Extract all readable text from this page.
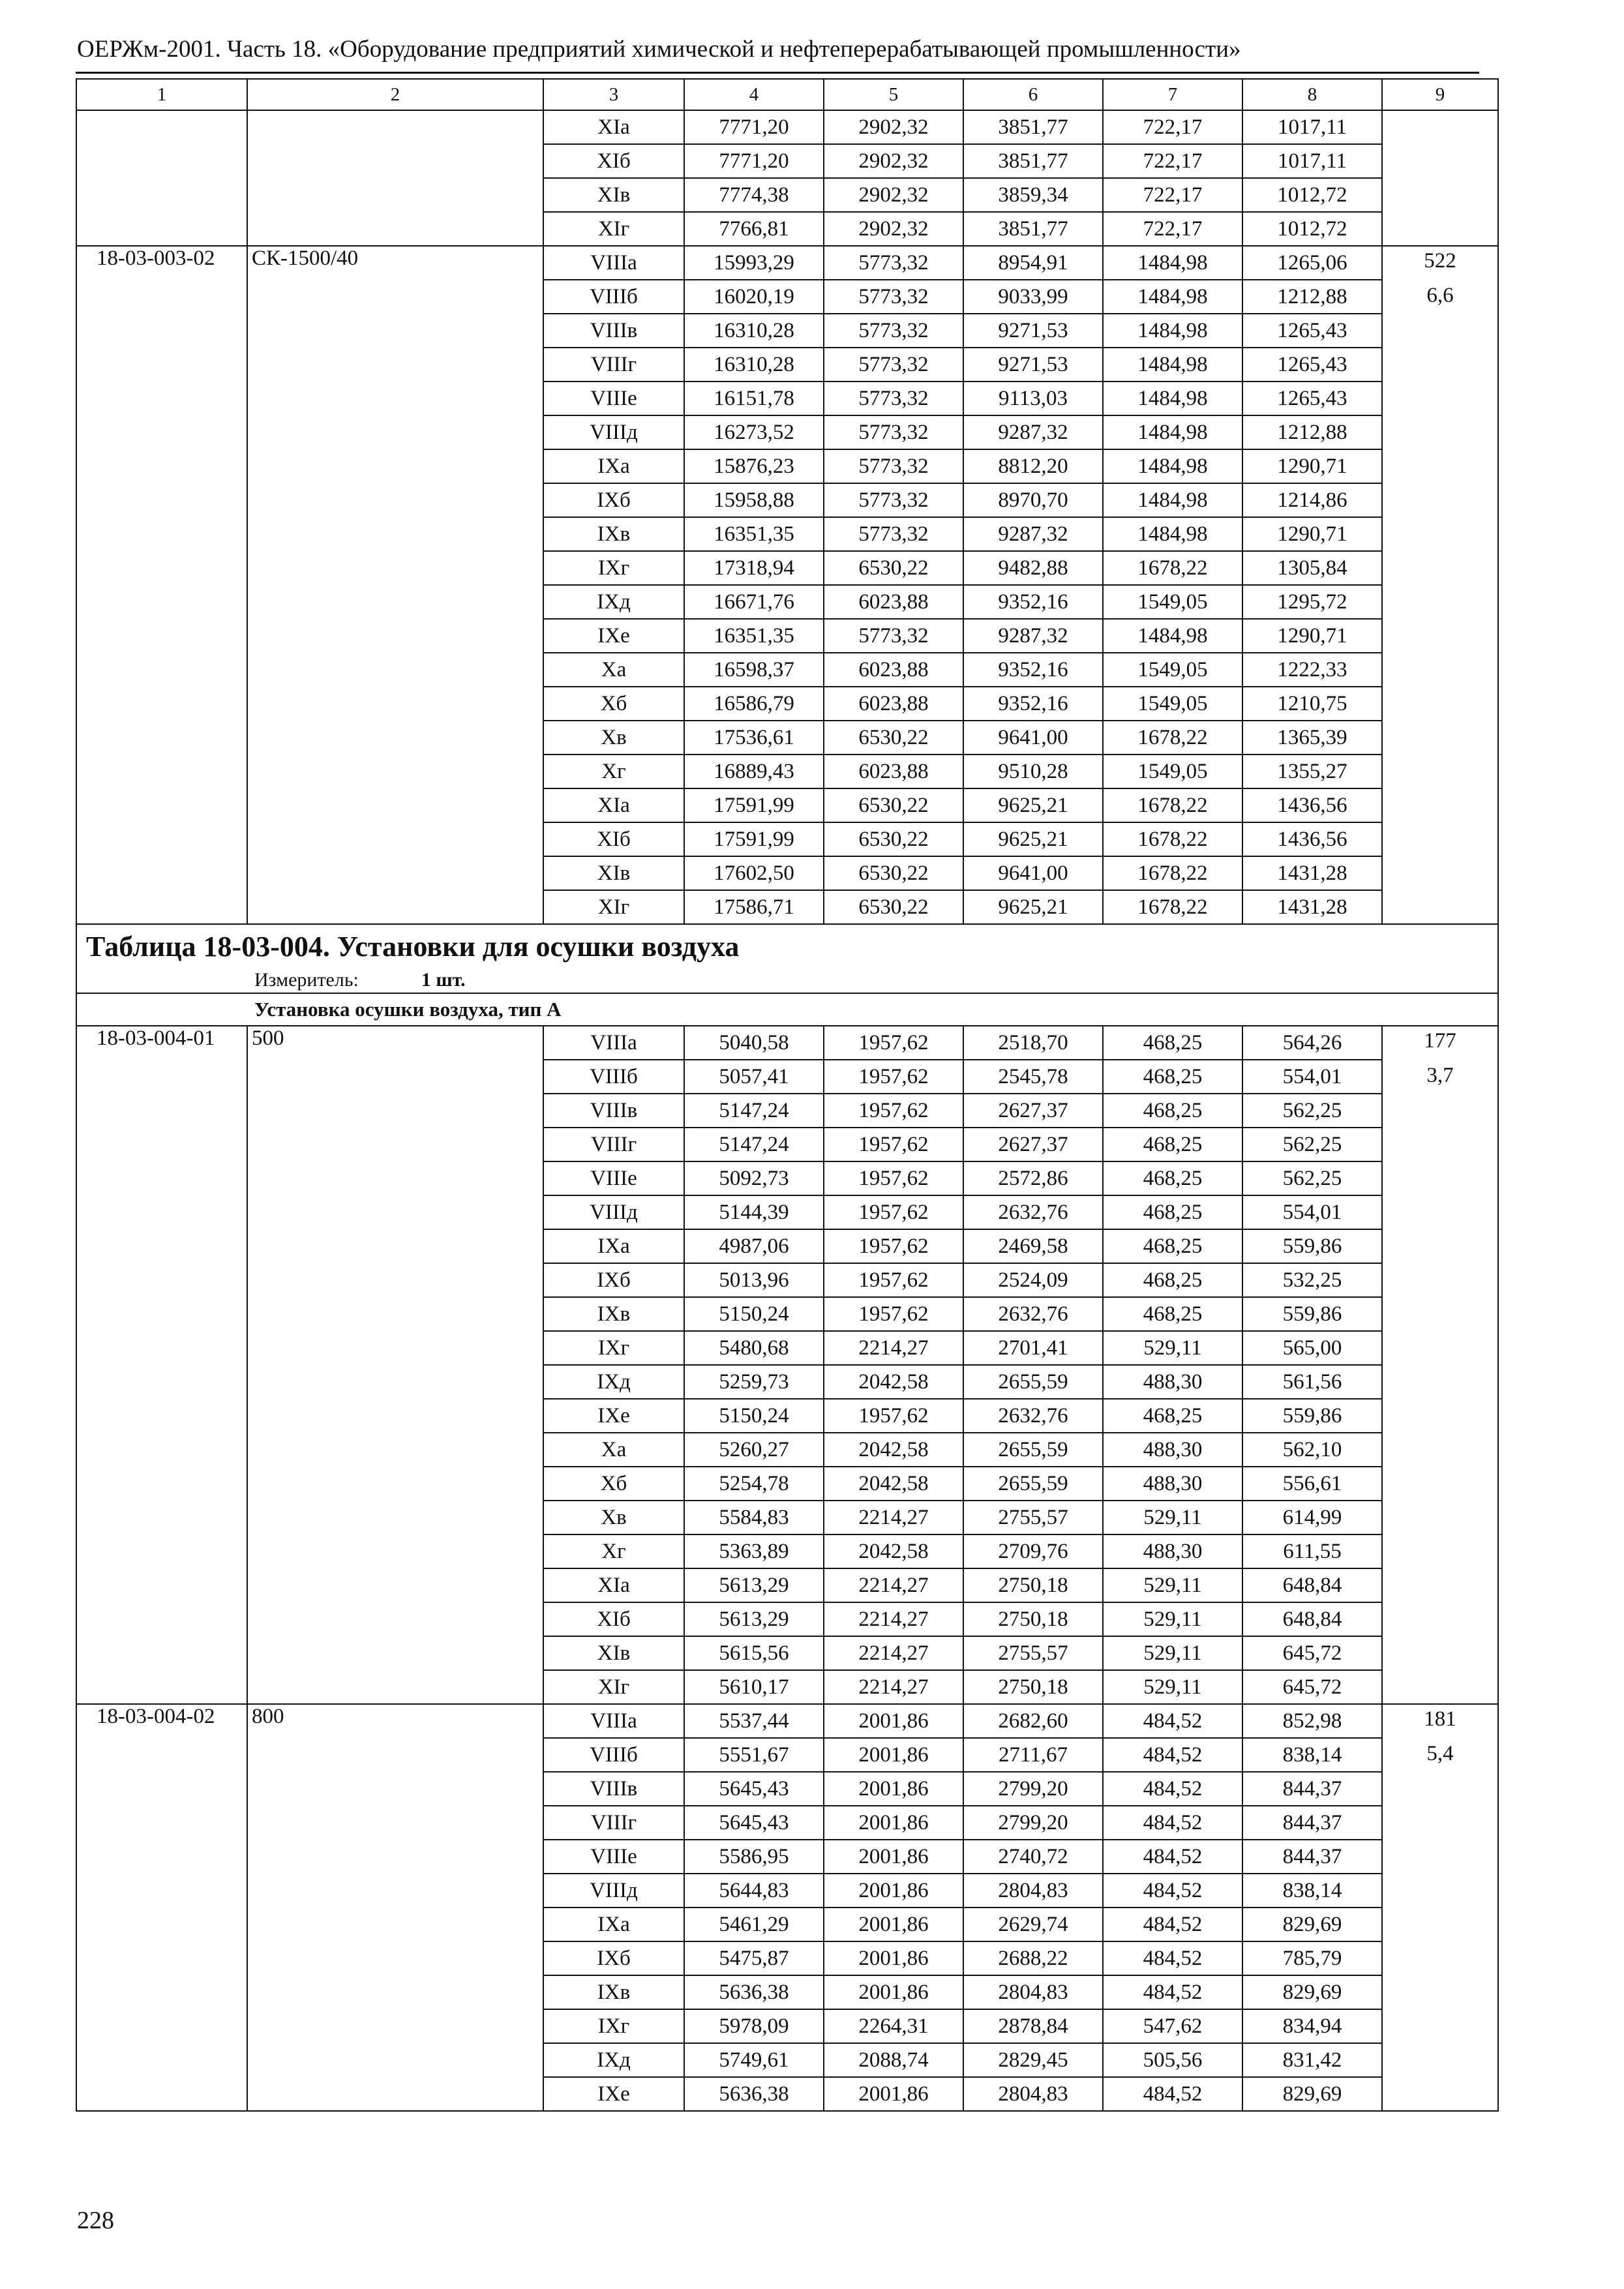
ОЕРЖм-2001. Часть 18. «Оборудование предприятий химической и нефтеперерабатывающей промышленности»
1	2	3	4	5	6	7	8	9
		XIа	7771,20	2902,32	3851,77	722,17	1017,11	
		XIб	7771,20	2902,32	3851,77	722,17	1017,11	
		XIв	7774,38	2902,32	3859,34	722,17	1012,72	
		XIг	7766,81	2902,32	3851,77	722,17	1012,72	
18-03-003-02	СК-1500/40	VIIIа	15993,29	5773,32	8954,91	1484,98	1265,06	522
6,6

		VIIIб	16020,19	5773,32	9033,99	1484,98	1212,88	
		VIIIв	16310,28	5773,32	9271,53	1484,98	1265,43	
		VIIIг	16310,28	5773,32	9271,53	1484,98	1265,43	
		VIIIе	16151,78	5773,32	9113,03	1484,98	1265,43	
		VIIIд	16273,52	5773,32	9287,32	1484,98	1212,88	
		IXа	15876,23	5773,32	8812,20	1484,98	1290,71	
		IXб	15958,88	5773,32	8970,70	1484,98	1214,86	
		IXв	16351,35	5773,32	9287,32	1484,98	1290,71	
		IXг	17318,94	6530,22	9482,88	1678,22	1305,84	
		IXд	16671,76	6023,88	9352,16	1549,05	1295,72	
		IXе	16351,35	5773,32	9287,32	1484,98	1290,71	
		Xа	16598,37	6023,88	9352,16	1549,05	1222,33	
		Xб	16586,79	6023,88	9352,16	1549,05	1210,75	
		Xв	17536,61	6530,22	9641,00	1678,22	1365,39	
		Xг	16889,43	6023,88	9510,28	1549,05	1355,27	
		XIа	17591,99	6530,22	9625,21	1678,22	1436,56	
		XIб	17591,99	6530,22	9625,21	1678,22	1436,56	
		XIв	17602,50	6530,22	9641,00	1678,22	1431,28	
		XIг	17586,71	6530,22	9625,21	1678,22	1431,28	
Таблица 18-03-004. Установки для осушки воздуха								
Измеритель: 1 шт.								
Установка осушки воздуха, тип А								
18-03-004-01	500	VIIIа	5040,58	1957,62	2518,70	468,25	564,26	177
3,7

		VIIIб	5057,41	1957,62	2545,78	468,25	554,01	
		VIIIв	5147,24	1957,62	2627,37	468,25	562,25	
		VIIIг	5147,24	1957,62	2627,37	468,25	562,25	
		VIIIе	5092,73	1957,62	2572,86	468,25	562,25	
		VIIIд	5144,39	1957,62	2632,76	468,25	554,01	
		IXа	4987,06	1957,62	2469,58	468,25	559,86	
		IXб	5013,96	1957,62	2524,09	468,25	532,25	
		IXв	5150,24	1957,62	2632,76	468,25	559,86	
		IXг	5480,68	2214,27	2701,41	529,11	565,00	
		IXд	5259,73	2042,58	2655,59	488,30	561,56	
		IXе	5150,24	1957,62	2632,76	468,25	559,86	
		Xа	5260,27	2042,58	2655,59	488,30	562,10	
		Xб	5254,78	2042,58	2655,59	488,30	556,61	
		Xв	5584,83	2214,27	2755,57	529,11	614,99	
		Xг	5363,89	2042,58	2709,76	488,30	611,55	
		XIа	5613,29	2214,27	2750,18	529,11	648,84	
		XIб	5613,29	2214,27	2750,18	529,11	648,84	
		XIв	5615,56	2214,27	2755,57	529,11	645,72	
		XIг	5610,17	2214,27	2750,18	529,11	645,72	
18-03-004-02	800	VIIIа	5537,44	2001,86	2682,60	484,52	852,98	181
5,4

		VIIIб	5551,67	2001,86	2711,67	484,52	838,14	
		VIIIв	5645,43	2001,86	2799,20	484,52	844,37	
		VIIIг	5645,43	2001,86	2799,20	484,52	844,37	
		VIIIе	5586,95	2001,86	2740,72	484,52	844,37	
		VIIIд	5644,83	2001,86	2804,83	484,52	838,14	
		IXа	5461,29	2001,86	2629,74	484,52	829,69	
		IXб	5475,87	2001,86	2688,22	484,52	785,79	
		IXв	5636,38	2001,86	2804,83	484,52	829,69	
		IXг	5978,09	2264,31	2878,84	547,62	834,94	
		IXд	5749,61	2088,74	2829,45	505,56	831,42	
		IXе	5636,38	2001,86	2804,83	484,52	829,69	
228
